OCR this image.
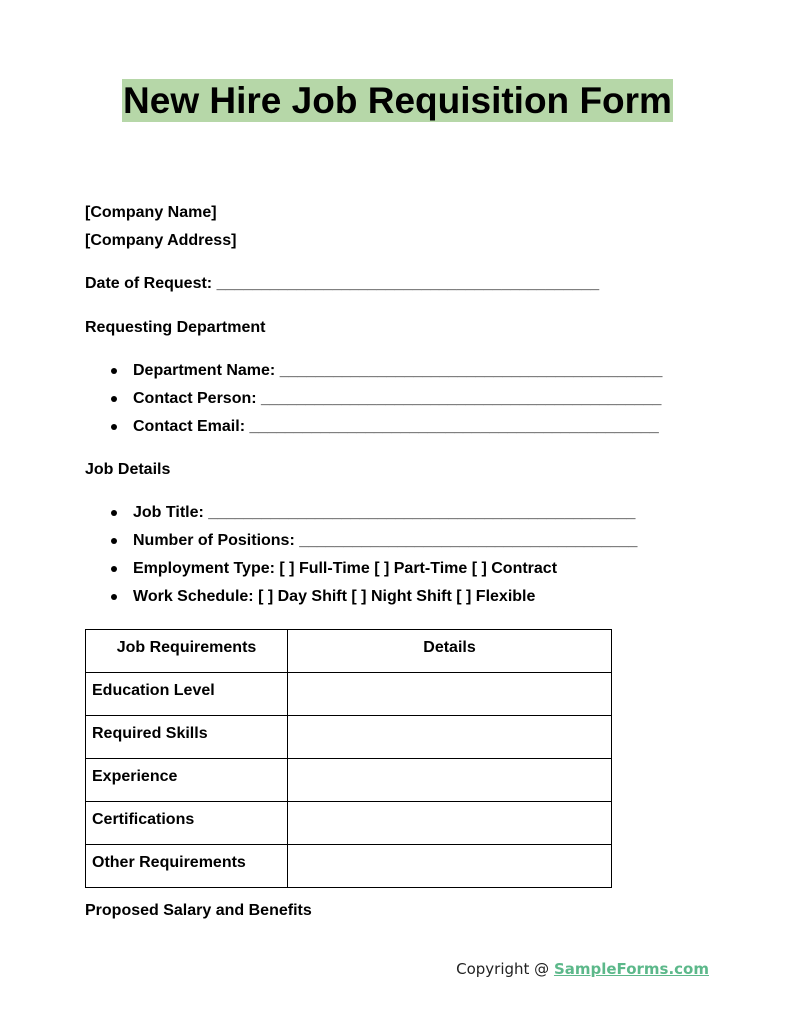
New Hire Job Requisition Form
[Company Name]
[Company Address]
Date of Request: ___________________________________________
Requesting Department
Department Name: ___________________________________________
Contact Person: _____________________________________________
Contact Email: ______________________________________________
Job Details
Job Title: ________________________________________________
Number of Positions: ______________________________________
Employment Type: [ ] Full-Time [ ] Part-Time [ ] Contract
Work Schedule: [ ] Day Shift [ ] Night Shift [ ] Flexible
Job Requirements	Details
Education Level	
Required Skills	
Experience	
Certifications	
Other Requirements	
Proposed Salary and Benefits
Copyright @ SampleForms.com
